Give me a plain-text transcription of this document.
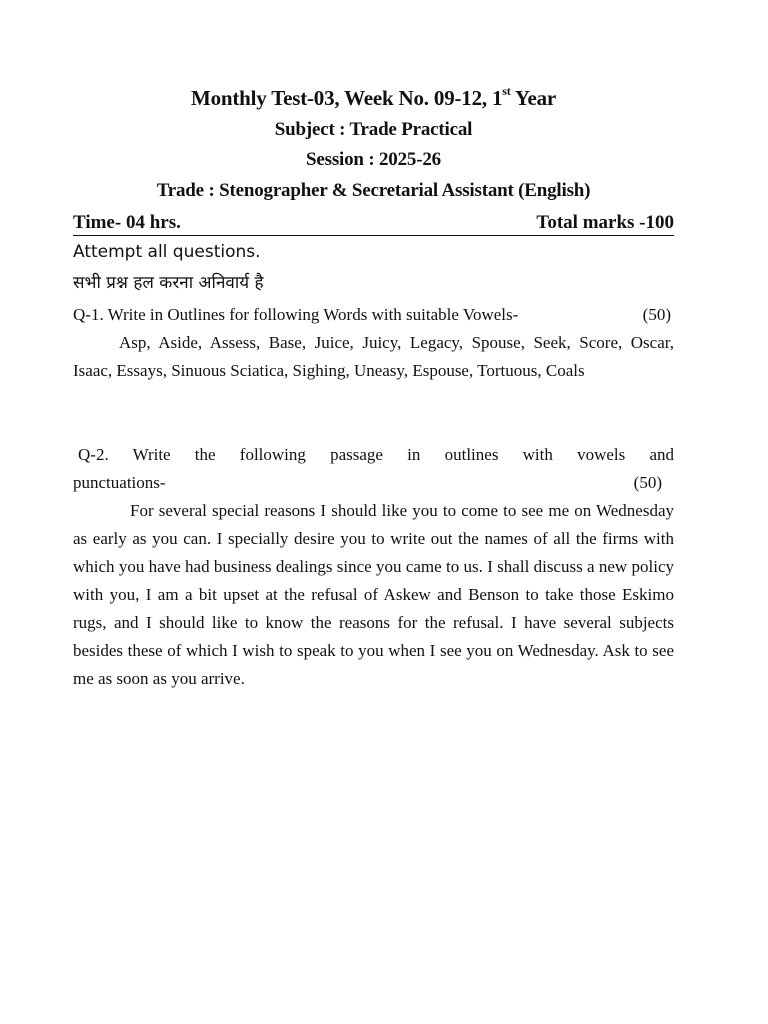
Monthly Test-03, Week No. 09-12, 1st Year
Subject : Trade Practical
Session : 2025-26
Trade : Stenographer & Secretarial Assistant (English)
Time- 04 hrs.	Total marks -100
Attempt all questions.
सभी प्रश्न हल करना अनिवार्य है
Q-1. Write in Outlines for following Words with suitable Vowels-	(50)
Asp, Aside, Assess, Base, Juice, Juicy, Legacy, Spouse, Seek, Score, Oscar, Isaac, Essays, Sinuous Sciatica, Sighing, Uneasy, Espouse, Tortuous, Coals
Q-2. Write the following passage in outlines with vowels and
punctuations-	(50)
For several special reasons I should like you to come to see me on Wednesday as early as you can. I specially desire you to write out the names of all the firms with which you have had business dealings since you came to us. I shall discuss a new policy with you, I am a bit upset at the refusal of Askew and Benson to take those Eskimo rugs, and I should like to know the reasons for the refusal. I have several subjects besides these of which I wish to speak to you when I see you on Wednesday. Ask to see me as soon as you arrive.
